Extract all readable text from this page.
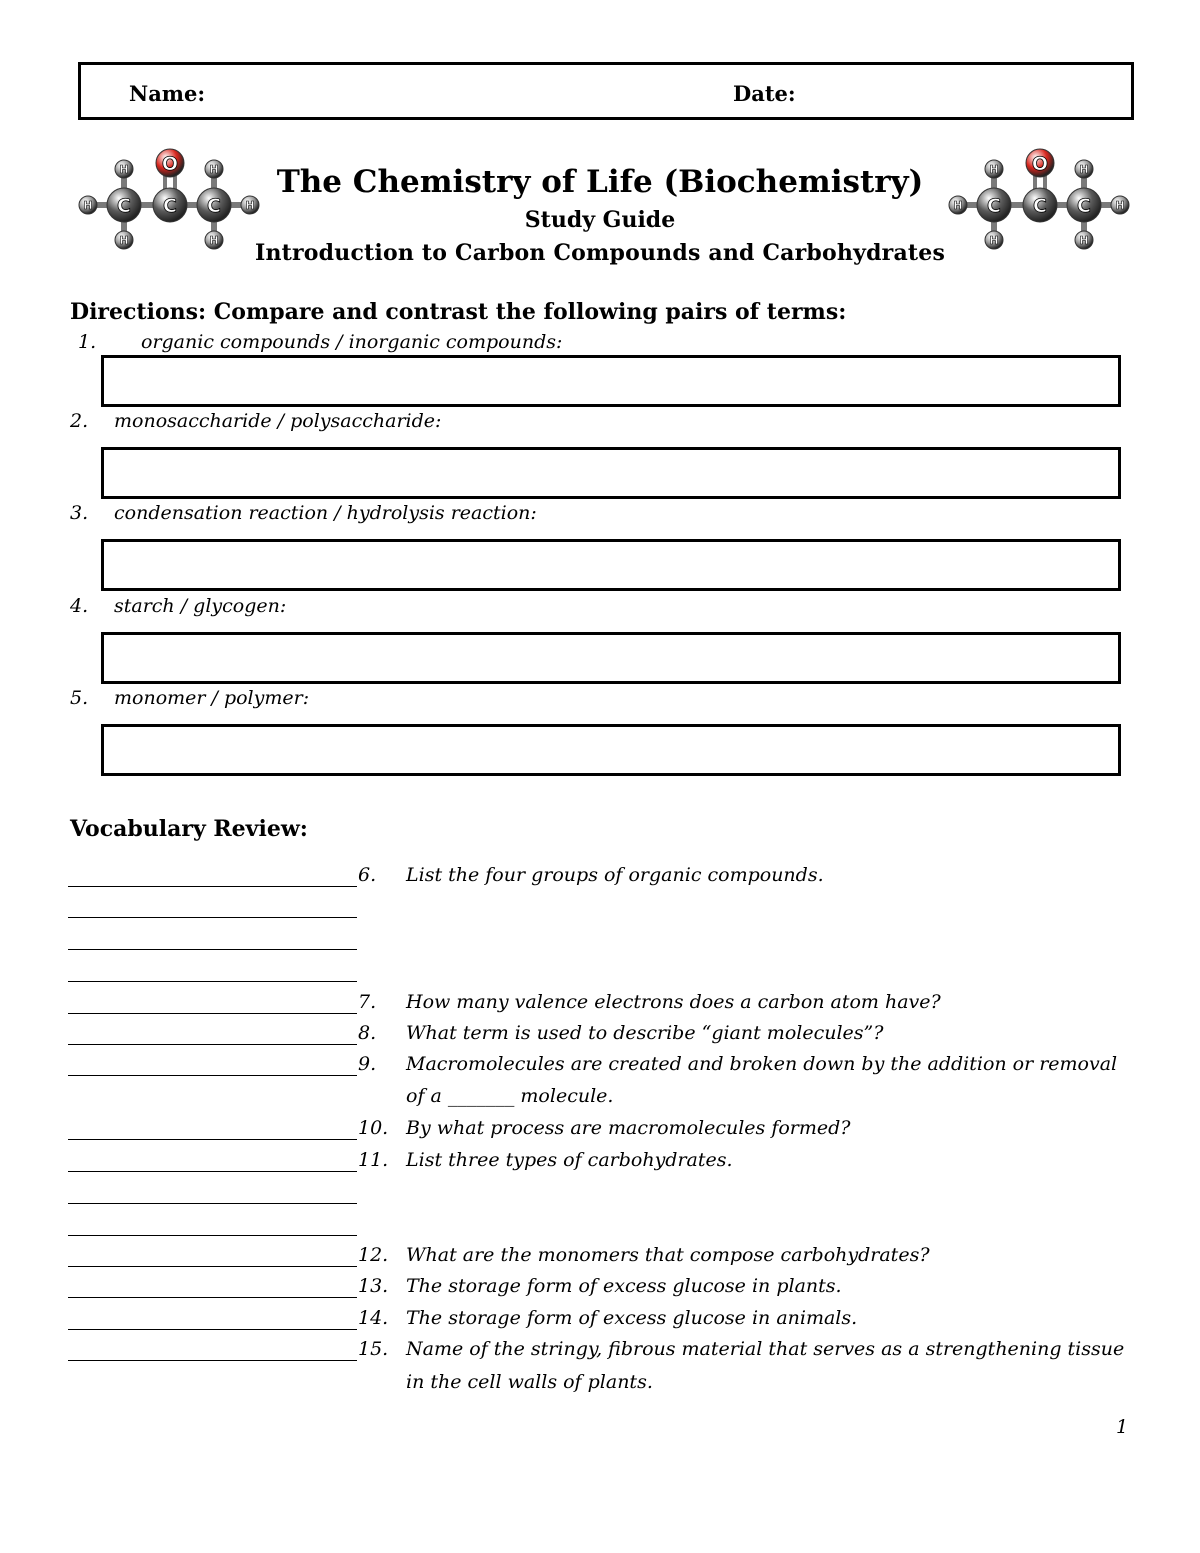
Name:	Date:
H C C C H
O
H
H
H
H
H C C C H
O
H
H
H
H
The Chemistry of Life (Biochemistry)
Study Guide
Introduction to Carbon Compounds and Carbohydrates
Directions: Compare and contrast the following pairs of terms:
1. organic compounds / inorganic compounds:
2. monosaccharide / polysaccharide:
3. condensation reaction / hydrolysis reaction:
4. starch / glycogen:
5. monomer / polymer:
Vocabulary Review:
6. List the four groups of organic compounds.
7. How many valence electrons does a carbon atom have?
8. What term is used to describe “giant molecules”?
9. Macromolecules are created and broken down by the addition or removal
of a _______ molecule.
10. By what process are macromolecules formed?
11. List three types of carbohydrates.
12. What are the monomers that compose carbohydrates?
13. The storage form of excess glucose in plants.
14. The storage form of excess glucose in animals.
15. Name of the stringy, fibrous material that serves as a strengthening tissue
in the cell walls of plants.
1
